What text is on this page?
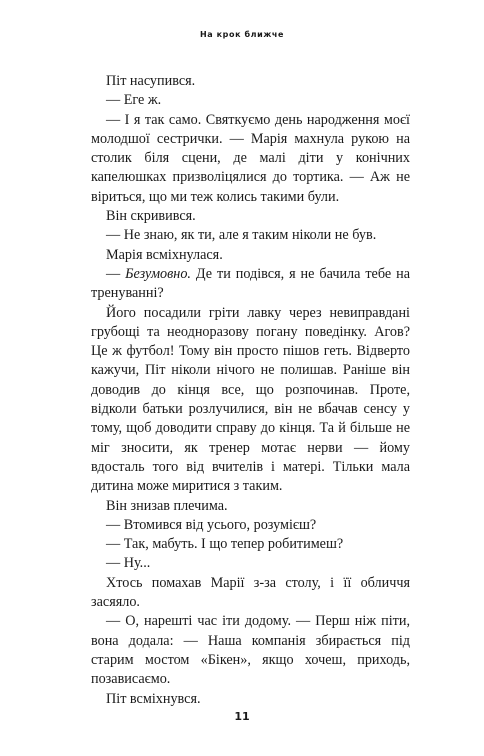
На крок ближче

Піт насупився.

— Еге ж.

— І я так само. Святкуємо день народження моєї молодшої сестрички. — Марія махнула рукою на столик біля сцени, де малі діти у конічних капелюшках призволіцялися до тортика. — Аж не віриться, що ми теж колись такими були.

Він скривився.

— Не знаю, як ти, але я таким ніколи не був.

Марія всміхнулася.

— Безумовно. Де ти подівся, я не бачила тебе на тренуванні?

Його посадили гріти лавку через невиправдані грубощі та неодноразову погану поведінку. Агов? Це ж футбол! Тому він просто пішов геть. Відверто кажучи, Піт ніколи нічого не полишав. Раніше він доводив до кінця все, що розпочинав. Проте, відколи батьки розлучилися, він не вбачав сенсу у тому, щоб доводити справу до кінця. Та й більше не міг зносити, як тренер мотає нерви — йому вдосталь того від вчителів і матері. Тільки мала дитина може миритися з таким.

Він знизав плечима.

— Втомився від усього, розумієш?

— Так, мабуть. І що тепер робитимеш?

— Ну...

Хтось помахав Марії з-за столу, і її обличчя засяяло.

— О, нарешті час іти додому. — Перш ніж піти, вона додала: — Наша компанія збирається під старим мостом «Бікен», якщо хочеш, приходь, позависаємо.

Піт всміхнувся.

11
